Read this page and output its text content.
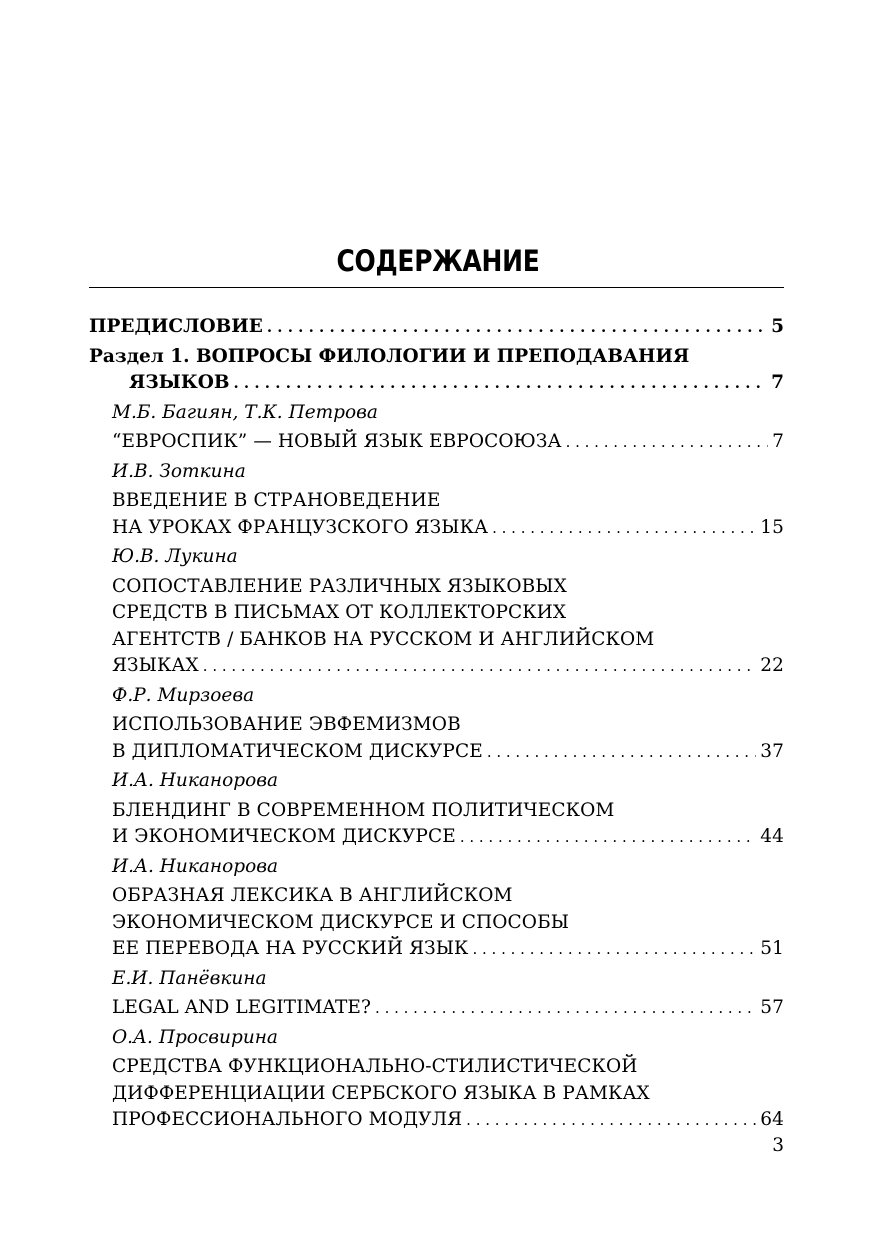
СОДЕРЖАНИЕ
ПРЕДИСЛОВИЕ . . .	5
Раздел 1. ВОПРОСЫ ФИЛОЛОГИИ И ПРЕПОДАВАНИЯ
ЯЗЫКОВ . . .	7
М.Б. Багиян, Т.К. Петрова
“ЕВРОСПИК” — НОВЫЙ ЯЗЫК ЕВРОСОЮЗА . . .	7
И.В. Зоткина
ВВЕДЕНИЕ В СТРАНОВЕДЕНИЕ
НА УРОКАХ ФРАНЦУЗСКОГО ЯЗЫКА . . .	15
Ю.В. Лукина
СОПОСТАВЛЕНИЕ РАЗЛИЧНЫХ ЯЗЫКОВЫХ
СРЕДСТВ В ПИСЬМАХ ОТ КОЛЛЕКТОРСКИХ
АГЕНТСТВ / БАНКОВ НА РУССКОМ И АНГЛИЙСКОМ
ЯЗЫКАХ . . .	22
Ф.Р. Мирзоева
ИСПОЛЬЗОВАНИЕ ЭВФЕМИЗМОВ
В ДИПЛОМАТИЧЕСКОМ ДИСКУРСЕ . . .	37
И.А. Никанорова
БЛЕНДИНГ В СОВРЕМЕННОМ ПОЛИТИЧЕСКОМ
И ЭКОНОМИЧЕСКОМ ДИСКУРСЕ . . .	44
И.А. Никанорова
ОБРАЗНАЯ ЛЕКСИКА В АНГЛИЙСКОМ
ЭКОНОМИЧЕСКОМ ДИСКУРСЕ И СПОСОБЫ
ЕЕ ПЕРЕВОДА НА РУССКИЙ ЯЗЫК . . .	51
Е.И. Панёвкина
LEGAL AND LEGITIMATE? . . .	57
О.А. Просвирина
СРЕДСТВА ФУНКЦИОНАЛЬНО-СТИЛИСТИЧЕСКОЙ
ДИФФЕРЕНЦИАЦИИ СЕРБСКОГО ЯЗЫКА В РАМКАХ
ПРОФЕССИОНАЛЬНОГО МОДУЛЯ . . .	64
3
